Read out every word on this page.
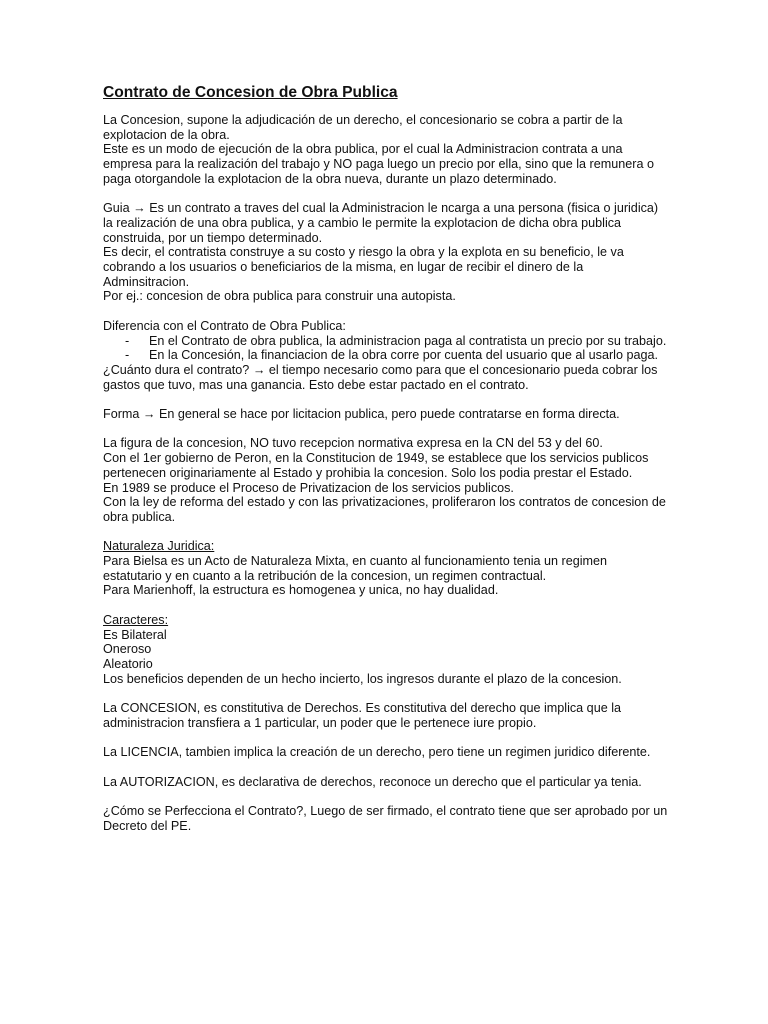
Contrato de Concesion de Obra Publica

La Concesion, supone la adjudicación de un derecho, el concesionario se cobra a partir de la explotacion de la obra.

Este es un modo de ejecución de la obra publica, por el cual la Administracion contrata a una empresa para la realización del trabajo y NO paga luego un precio por ella, sino que la remunera o paga otorgandole la explotacion de la obra nueva, durante un plazo determinado.

Guia → Es un contrato a traves del cual la Administracion le ncarga a una persona (fisica o juridica) la realización de una obra publica, y a cambio le permite la explotacion de dicha obra publica construida, por un tiempo determinado.

Es decir, el contratista construye a su costo y riesgo la obra y la explota en su beneficio, le va cobrando a los usuarios o beneficiarios de la misma, en lugar de recibir el dinero de la Adminsitracion.

Por ej.: concesion de obra publica para construir una autopista.

Diferencia con el Contrato de Obra Publica:

-	En el Contrato de obra publica, la administracion paga al contratista un precio por su trabajo.
-	En la Concesión, la financiacion de la obra corre por cuenta del usuario que al usarlo paga.

¿Cuánto dura el contrato? → el tiempo necesario como para que el concesionario pueda cobrar los gastos que tuvo, mas una ganancia. Esto debe estar pactado en el contrato.

Forma → En general se hace por licitacion publica, pero puede contratarse en forma directa.

La figura de la concesion, NO tuvo recepcion normativa expresa en la CN del 53 y del 60.

Con el 1er gobierno de Peron, en la Constitucion de 1949, se establece que los servicios publicos pertenecen originariamente al Estado y prohibia la concesion. Solo los podia prestar el Estado.

En 1989 se produce el Proceso de Privatizacion de los servicios publicos.

Con la ley de reforma del estado y con las privatizaciones, proliferaron los contratos de concesion de obra publica.

Naturaleza Juridica:

Para Bielsa es un Acto de Naturaleza Mixta, en cuanto al funcionamiento tenia un regimen estatutario y en cuanto a la retribución de la concesion, un regimen contractual.

Para Marienhoff, la estructura es homogenea y unica, no hay dualidad.

Caracteres:

Es Bilateral

Oneroso

Aleatorio

Los beneficios dependen de un hecho incierto, los ingresos durante el plazo de la concesion.

La CONCESION, es constitutiva de Derechos. Es constitutiva del derecho que implica que la administracion transfiera a 1 particular, un poder que le pertenece iure propio.

La LICENCIA, tambien implica la creación de un derecho, pero tiene un regimen juridico diferente.

La AUTORIZACION, es declarativa de derechos, reconoce un derecho que el particular ya tenia.

¿Cómo se Perfecciona el Contrato?, Luego de ser firmado, el contrato tiene que ser aprobado por un Decreto del PE.
